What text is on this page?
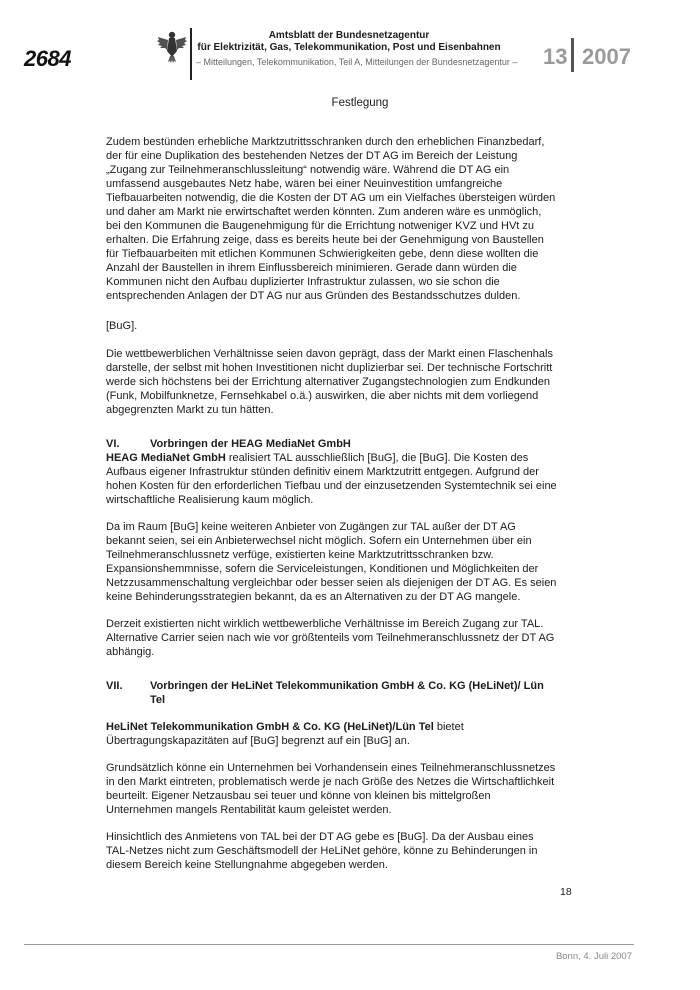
2684
Amtsblatt der Bundesnetzagentur
für Elektrizität, Gas, Telekommunikation, Post und Eisenbahnen
– Mitteilungen, Telekommunikation, Teil A, Mitteilungen der Bundesnetzagentur – 13 2007
Festlegung

Zudem bestünden erhebliche Marktzutrittsschranken durch den erheblichen Finanzbedarf, der für eine Duplikation des bestehenden Netzes der DT AG im Bereich der Leistung „Zugang zur Teilnehmeranschlussleitung“ notwendig wäre. Während die DT AG ein umfassend ausgebautes Netz habe, wären bei einer Neuinvestition umfangreiche Tiefbauarbeiten notwendig, die die Kosten der DT AG um ein Vielfaches übersteigen würden und daher am Markt nie erwirtschaftet werden könnten. Zum anderen wäre es unmöglich, bei den Kommunen die Baugenehmigung für die Errichtung notweniger KVZ und HVt zu erhalten. Die Erfahrung zeige, dass es bereits heute bei der Genehmigung von Baustellen für Tiefbauarbeiten mit etlichen Kommunen Schwierigkeiten gebe, denn diese wollten die Anzahl der Baustellen in ihrem Einflussbereich minimieren. Gerade dann würden die Kommunen nicht den Aufbau duplizierter Infrastruktur zulassen, wo sie schon die entsprechenden Anlagen der DT AG nur aus Gründen des Bestandsschutzes dulden.

[BuG].

Die wettbewerblichen Verhältnisse seien davon geprägt, dass der Markt einen Flaschenhals darstelle, der selbst mit hohen Investitionen nicht duplizierbar sei. Der technische Fortschritt werde sich höchstens bei der Errichtung alternativer Zugangstechnologien zum Endkunden (Funk, Mobilfunknetze, Fernsehkabel o.ä.) auswirken, die aber nichts mit dem vorliegend abgegrenzten Markt zu tun hätten.

VI.	Vorbringen der HEAG MediaNet GmbH

HEAG MediaNet GmbH realisiert TAL ausschließlich [BuG], die [BuG]. Die Kosten des Aufbaus eigener Infrastruktur stünden definitiv einem Marktzutritt entgegen. Aufgrund der hohen Kosten für den erforderlichen Tiefbau und der einzusetzenden Systemtechnik sei eine wirtschaftliche Realisierung kaum möglich.

Da im Raum [BuG] keine weiteren Anbieter von Zugängen zur TAL außer der DT AG bekannt seien, sei ein Anbieterwechsel nicht möglich. Sofern ein Unternehmen über ein Teilnehmeranschlussnetz verfüge, existierten keine Marktzutrittsschranken bzw. Expansionshemmnisse, sofern die Serviceleistungen, Konditionen und Möglichkeiten der Netzzusammenschaltung vergleichbar oder besser seien als diejenigen der DT AG. Es seien keine Behinderungsstrategien bekannt, da es an Alternativen zu der DT AG mangele.

Derzeit existierten nicht wirklich wettbewerbliche Verhältnisse im Bereich Zugang zur TAL. Alternative Carrier seien nach wie vor größtenteils vom Teilnehmeranschlussnetz der DT AG abhängig.

VII.	Vorbringen der HeLiNet Telekommunikation GmbH & Co. KG (HeLiNet)/ Lün Tel

HeLiNet Telekommunikation GmbH & Co. KG (HeLiNet)/Lün Tel bietet Übertragungskapazitäten auf [BuG] begrenzt auf ein [BuG] an.

Grundsätzlich könne ein Unternehmen bei Vorhandensein eines Teilnehmeranschlussnetzes in den Markt eintreten, problematisch werde je nach Größe des Netzes die Wirtschaftlichkeit beurteilt. Eigener Netzausbau sei teuer und könne von kleinen bis mittelgroßen Unternehmen mangels Rentabilität kaum geleistet werden.

Hinsichtlich des Anmietens von TAL bei der DT AG gebe es [BuG]. Da der Ausbau eines TAL-Netzes nicht zum Geschäftsmodell der HeLiNet gehöre, könne zu Behinderungen in diesem Bereich keine Stellungnahme abgegeben werden.

18
Bonn, 4. Juli 2007
